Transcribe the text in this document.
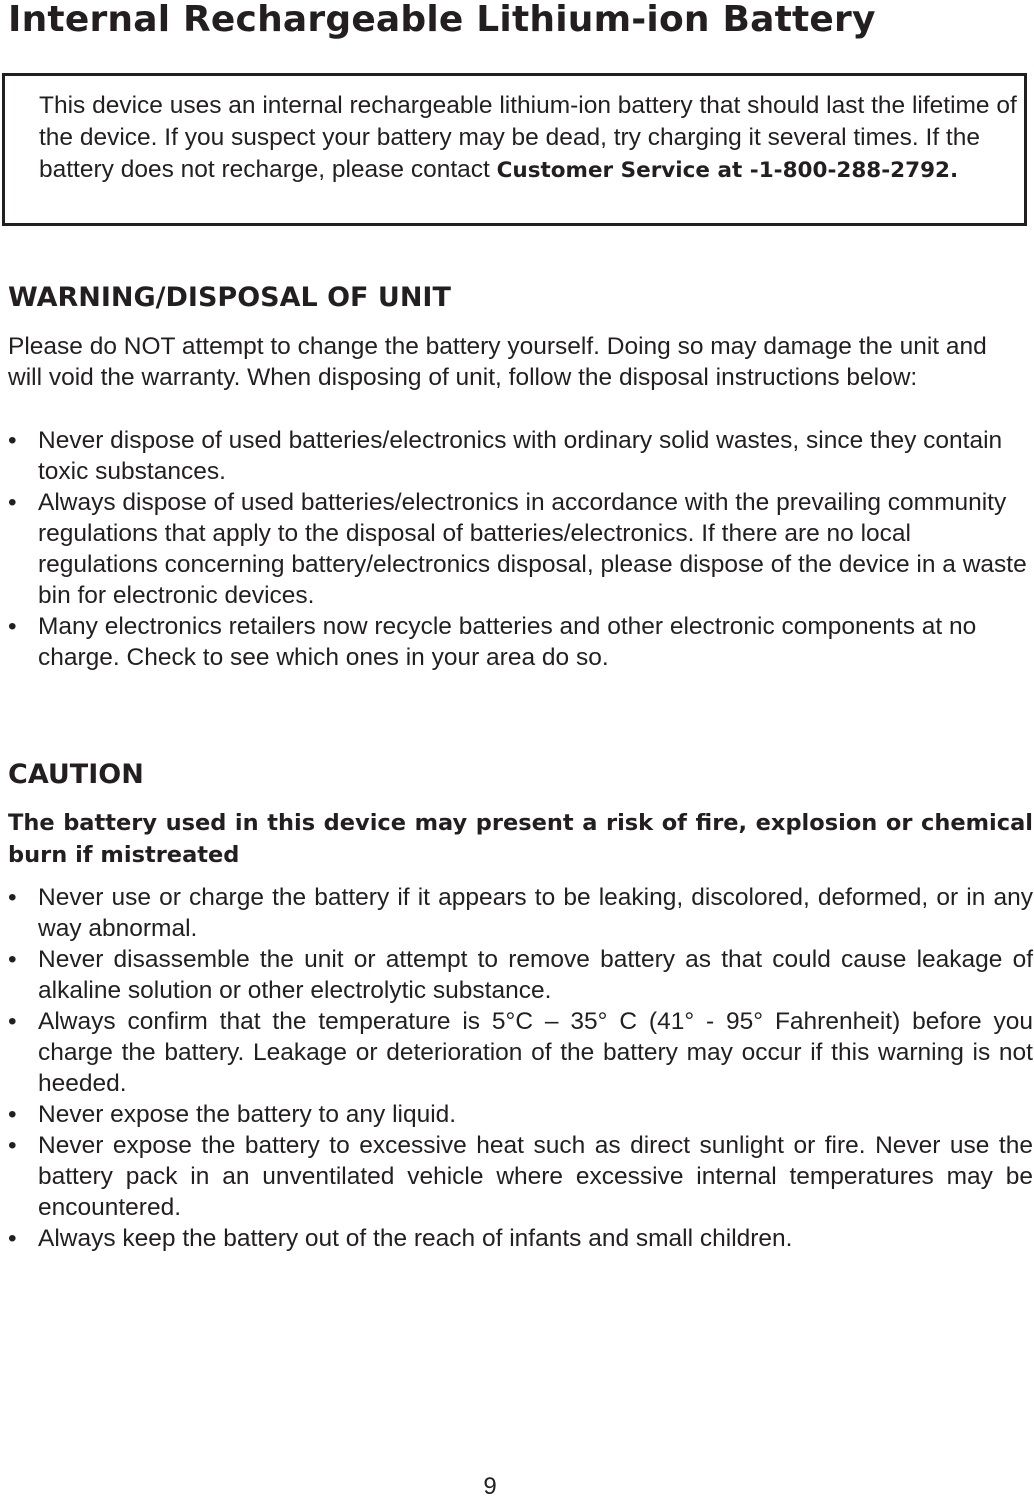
Internal Rechargeable Lithium-ion Battery

This device uses an internal rechargeable lithium-ion battery that should last the lifetime of the device. If you suspect your battery may be dead, try charging it several times. If the battery does not recharge, please contact Customer Service at -1-800-288-2792.

WARNING/DISPOSAL OF UNIT

Please do NOT attempt to change the battery yourself. Doing so may damage the unit and will void the warranty. When disposing of unit, follow the disposal instructions below:

• Never dispose of used batteries/electronics with ordinary solid wastes, since they contain toxic substances.
• Always dispose of used batteries/electronics in accordance with the prevailing community regulations that apply to the disposal of batteries/electronics. If there are no local regulations concerning battery/electronics disposal, please dispose of the device in a waste bin for electronic devices.
• Many electronics retailers now recycle batteries and other electronic components at no charge. Check to see which ones in your area do so.
CAUTION

The battery used in this device may present a risk of fire, explosion or chemical burn if mistreated

• Never use or charge the battery if it appears to be leaking, discolored, deformed, or in any way abnormal.
• Never disassemble the unit or attempt to remove battery as that could cause leakage of alkaline solution or other electrolytic substance.
• Always confirm that the temperature is 5°C – 35° C (41° - 95° Fahrenheit) before you charge the battery. Leakage or deterioration of the battery may occur if this warning is not heeded.
• Never expose the battery to any liquid.
• Never expose the battery to excessive heat such as direct sunlight or fire. Never use the battery pack in an unventilated vehicle where excessive internal temperatures may be encountered.
• Always keep the battery out of the reach of infants and small children.
9
